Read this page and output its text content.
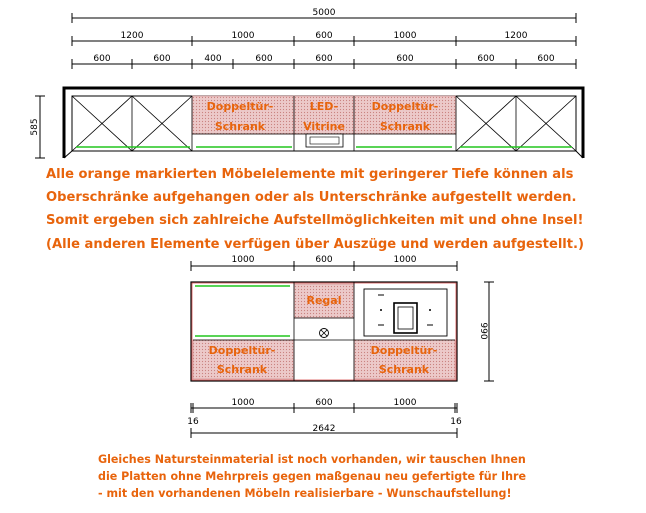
5000
1200	1000	600	1000	1200
600	600	400	600	600	600	600	600
585
Doppeltür-
Schrank
LED-
Vitrine
Doppeltür-
Schrank
1000	600	1000
Regal
Doppeltür-
Schrank
Doppeltür-
Schrank
990
1000	600	1000
16	16
2642
Alle orange markierten Möbelelemente mit geringerer Tiefe können als
Oberschränke aufgehangen oder als Unterschränke aufgestellt werden.
Somit ergeben sich zahlreiche Aufstellmöglichkeiten mit und ohne Insel!
(Alle anderen Elemente verfügen über Auszüge und werden aufgestellt.)
Gleiches Natursteinmaterial ist noch vorhanden, wir tauschen Ihnen
die Platten ohne Mehrpreis gegen maßgenau neu gefertigte für Ihre
- mit den vorhandenen Möbeln realisierbare - Wunschaufstellung!
